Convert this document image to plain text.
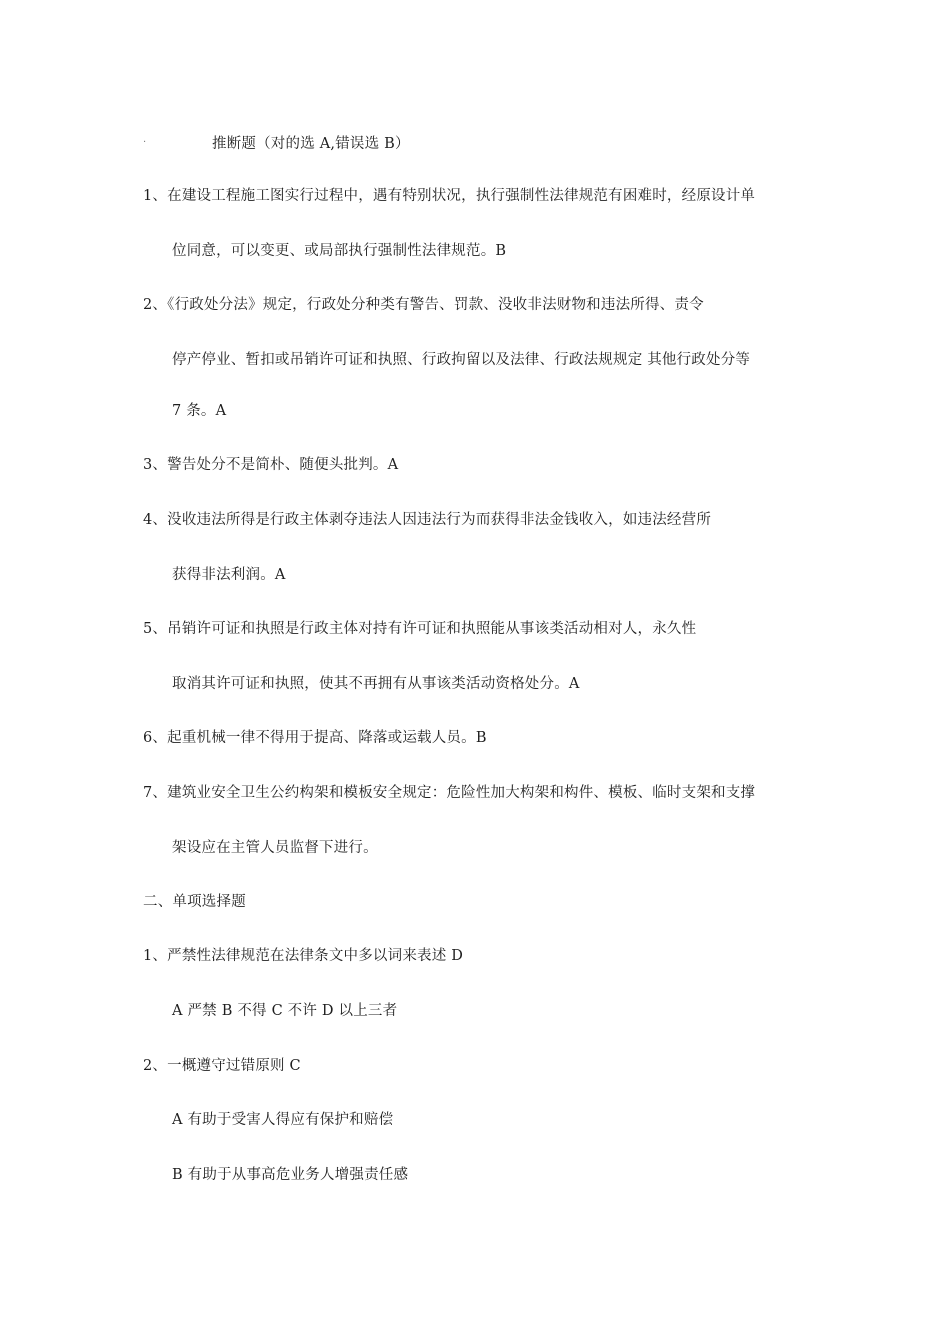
·	推断题（对的选 A,错误选 B）
1、在建设工程施工图实行过程中，遇有特别状况，执行强制性法律规范有困难时，经原设计单
位同意，可以变更、或局部执行强制性法律规范。B
2、《行政处分法》规定，行政处分种类有警告、罚款、没收非法财物和违法所得、责令
停产停业、暂扣或吊销许可证和执照、行政拘留以及法律、行政法规规定 其他行政处分等
7 条。A
3、警告处分不是简朴、随便头批判。A
4、没收违法所得是行政主体剥夺违法人因违法行为而获得非法金钱收入，如违法经营所
获得非法利润。A
5、吊销许可证和执照是行政主体对持有许可证和执照能从事该类活动相对人，永久性
取消其许可证和执照，使其不再拥有从事该类活动资格处分。A
6、起重机械一律不得用于提高、降落或运载人员。B
7、建筑业安全卫生公约构架和模板安全规定：危险性加大构架和构件、模板、临时支架和支撑
架设应在主管人员监督下进行。
二、单项选择题
1、严禁性法律规范在法律条文中多以词来表述 D
A 严禁 B 不得 C 不许 D 以上三者
2、一概遵守过错原则 C
A 有助于受害人得应有保护和赔偿
B 有助于从事高危业务人增强责任感
